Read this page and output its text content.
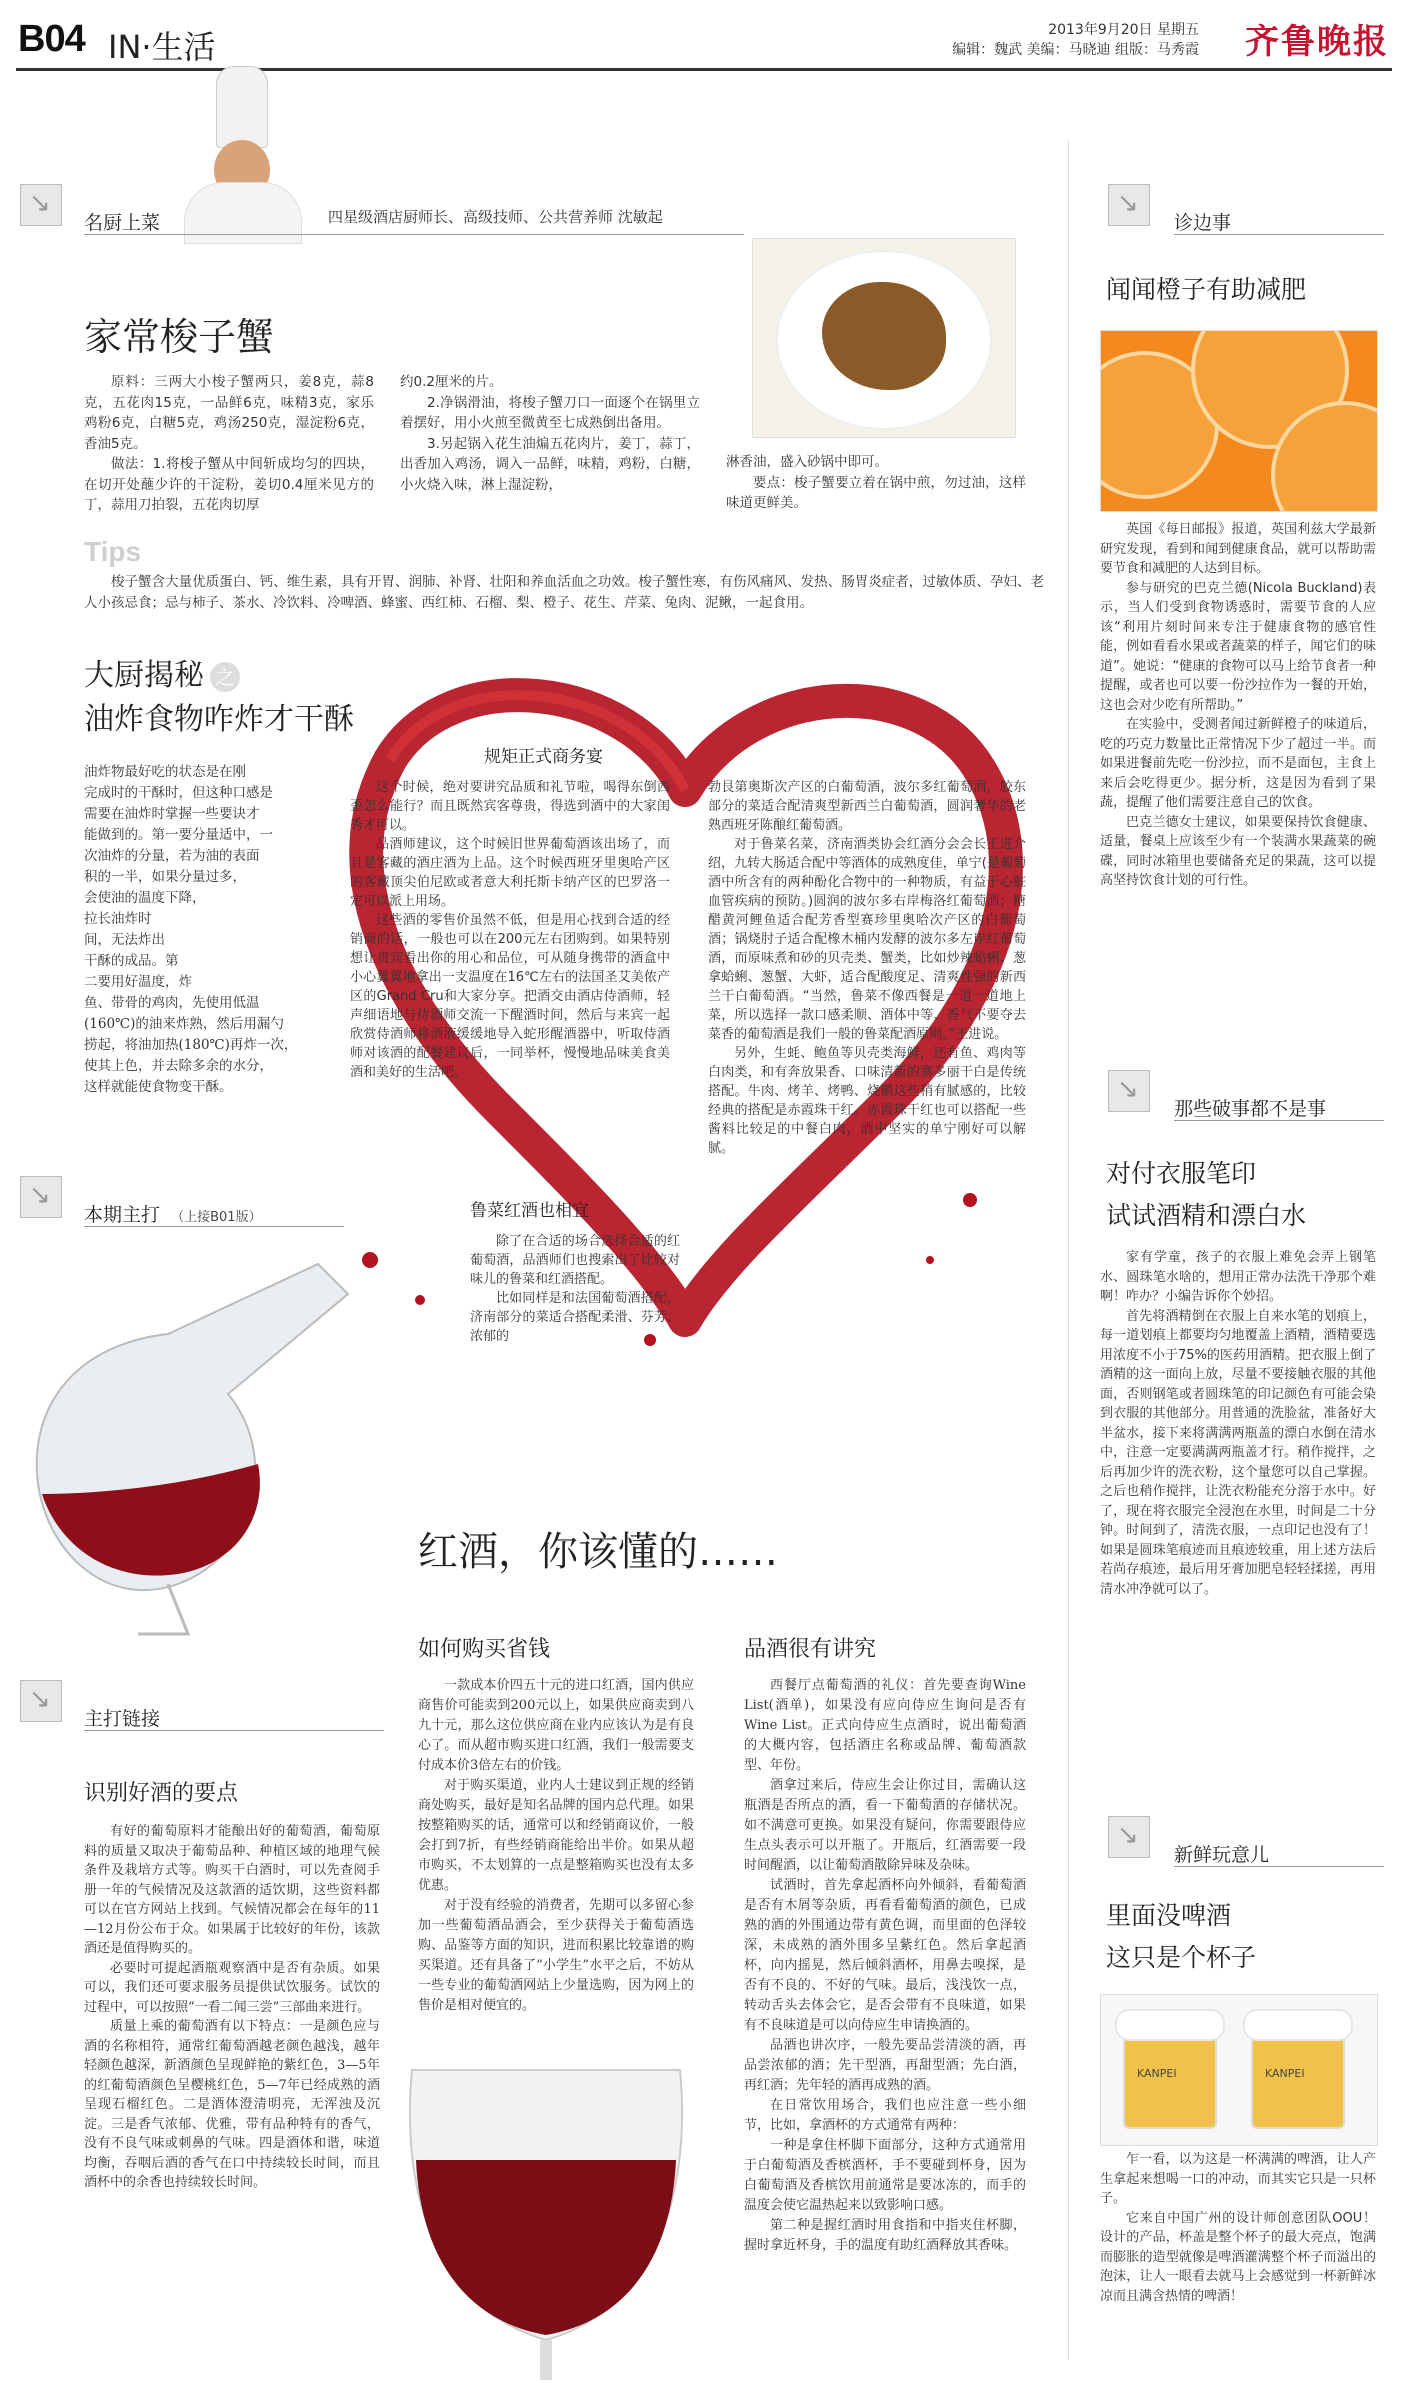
B04 IN·生活	2013年9月20日 星期五
编辑：魏武 美编：马晓迪 组版：马秀霞 齐鲁晚报
↘
名厨上菜	四星级酒店厨师长、高级技师、公共营养师 沈敏起
家常梭子蟹

原料：三两大小梭子蟹两只，姜8克，蒜8克，五花肉15克，一品鲜6克，味精3克，家乐鸡粉6克，白糖5克，鸡汤250克，湿淀粉6克，香油5克。

做法：1.将梭子蟹从中间斩成均匀的四块，在切开处蘸少许的干淀粉，姜切0.4厘米见方的丁，蒜用刀拍裂，五花肉切厚

约0.2厘米的片。

2.净锅滑油，将梭子蟹刀口一面逐个在锅里立着摆好，用小火煎至微黄至七成熟倒出备用。

3.另起锅入花生油煸五花肉片，姜丁，蒜丁，出香加入鸡汤，调入一品鲜，味精，鸡粉，白糖，小火烧入味，淋上湿淀粉，

淋香油，盛入砂锅中即可。

要点：梭子蟹要立着在锅中煎，勿过油，这样味道更鲜美。

Tips

梭子蟹含大量优质蛋白、钙、维生素，具有开胃、润肺、补肾、壮阳和养血活血之功效。梭子蟹性寒，有伤风痛风、发热、肠胃炎症者，过敏体质、孕妇、老人小孩忌食；忌与柿子、茶水、冷饮料、冷啤酒、蜂蜜、西红柿、石榴、梨、橙子、花生、芹菜、兔肉、泥鳅，一起食用。

大厨揭秘 之
油炸食物咋炸才干酥
油炸物最好吃的状态是在刚
完成时的干酥时，但这种口感是
需要在油炸时掌握一些要诀才
能做到的。第一要分量适中，一
次油炸的分量，若为油的表面
积的一半，如果分量过多，
会使油的温度下降，
拉长油炸时
间，无法炸出
干酥的成品。第
二要用好温度，炸
鱼、带骨的鸡肉，先使用低温
(160℃)的油来炸熟，然后用漏勺
捞起，将油加热(180℃)再炸一次，
使其上色，并去除多余的水分，
这样就能使食物变干酥。
规矩正式商务宴

这个时候，绝对要讲究品质和礼节啦，喝得东倒西歪怎么能行？而且既然宾客尊贵，得选到酒中的大家闺秀才可以。

品酒师建议，这个时候旧世界葡萄酒该出场了，而且是客藏的酒庄酒为上品。这个时候西班牙里奥哈产区的客藏顶尖伯尼欧或者意大利托斯卡纳产区的巴罗洛一定可以派上用场。

这些酒的零售价虽然不低，但是用心找到合适的经销商的话，一般也可以在200元左右团购到。如果特别想让贵宾看出你的用心和品位，可从随身携带的酒盒中小心翼翼地拿出一支温度在16℃左右的法国圣艾美侬产区的Grand Cru和大家分享。把酒交由酒店侍酒师，轻声细语地与侍酒师交流一下醒酒时间，然后与来宾一起欣赏侍酒师将酒液缓缓地导入蛇形醒酒器中，听取侍酒师对该酒的配餐建议后，一同举杯，慢慢地品味美食美酒和美好的生活吧。

鲁菜红酒也相宜

除了在合适的场合选择合适的红葡萄酒，品酒师们也搜索出了比较对味儿的鲁菜和红酒搭配。

比如同样是和法国葡萄酒搭配，济南部分的菜适合搭配柔滑、芬芳、浓郁的

勃艮第奥斯次产区的白葡萄酒，波尔多红葡萄酒，胶东部分的菜适合配清爽型新西兰白葡萄酒，圆润奢华的老熟西班牙陈酿红葡萄酒。

对于鲁菜名菜，济南酒类协会红酒分会会长王进介绍，九转大肠适合配中等酒体的成熟度佳，单宁(是葡萄酒中所含有的两种酚化合物中的一种物质，有益于心脏血管疾病的预防。)圆润的波尔多右岸梅洛红葡萄酒；糖醋黄河鲤鱼适合配芳香型赛珍里奥哈次产区的白葡萄酒；锅烧肘子适合配橡木桶内发酵的波尔多左岸红葡萄酒，而原味煮和砂的贝壳类、蟹类，比如炒辣蛤蜊、葱拿蛤蜊、葱蟹、大虾，适合配酸度足、清爽性强的新西兰干白葡萄酒。“当然，鲁菜不像西餐是一道一道地上菜，所以选择一款口感柔顺、酒体中等、香气不要夺去菜香的葡萄酒是我们一般的鲁菜配酒原则。”王进说。

另外，生蚝、鲍鱼等贝壳类海鲜，还有鱼、鸡肉等白肉类，和有奔放果香、口味清新的寨多丽干白是传统搭配。牛肉、烤羊、烤鸭、烧鹅这些稍有腻感的，比较经典的搭配是赤霞珠干红。赤霞珠干红也可以搭配一些酱料比较足的中餐白肉，酒中坚实的单宁刚好可以解腻。

↘
本期主打 （上接B01版）
红酒，你该懂的……
如何购买省钱

一款成本价四五十元的进口红酒，国内供应商售价可能卖到200元以上，如果供应商卖到八九十元，那么这位供应商在业内应该认为是有良心了。而从超市购买进口红酒，我们一般需要支付成本价3倍左右的价钱。

对于购买渠道，业内人士建议到正规的经销商处购买，最好是知名品牌的国内总代理。如果按整箱购买的话，通常可以和经销商议价，一般会打到7折，有些经销商能给出半价。如果从超市购买，不太划算的一点是整箱购买也没有太多优惠。

对于没有经验的消费者，先期可以多留心参加一些葡萄酒品酒会，至少获得关于葡萄酒选购、品鉴等方面的知识，进而积累比较靠谱的购买渠道。还有具备了“小学生”水平之后，不妨从一些专业的葡萄酒网站上少量选购，因为网上的售价是相对便宜的。

品酒很有讲究

西餐厅点葡萄酒的礼仪：首先要查询Wine List(酒单)，如果没有应向侍应生询问是否有Wine List。正式向侍应生点酒时，说出葡萄酒的大概内容，包括酒庄名称或品牌、葡萄酒款型、年份。

酒拿过来后，侍应生会让你过目，需确认这瓶酒是否所点的酒，看一下葡萄酒的存储状况。如不满意可更换。如果没有疑问，你需要跟侍应生点头表示可以开瓶了。开瓶后，红酒需要一段时间醒酒，以让葡萄酒散除异味及杂味。

试酒时，首先拿起酒杯向外倾斜，看葡萄酒是否有木屑等杂质，再看看葡萄酒的颜色，已成熟的酒的外围通边带有黄色调，而里面的色泽较深，未成熟的酒外围多呈紫红色。然后拿起酒杯，向内摇晃，然后倾斜酒杯，用鼻去嗅探，是否有不良的、不好的气味。最后，浅浅饮一点，转动舌头去体会它，是否会带有不良味道，如果有不良味道是可以向侍应生申请换酒的。

品酒也讲次序，一般先要品尝清淡的酒，再品尝浓郁的酒；先干型酒，再甜型酒；先白酒，再红酒；先年轻的酒再成熟的酒。

在日常饮用场合，我们也应注意一些小细节，比如，拿酒杯的方式通常有两种：

一种是拿住杯脚下面部分，这种方式通常用于白葡萄酒及香槟酒杯，手不要碰到杯身，因为白葡萄酒及香槟饮用前通常是要冰冻的，而手的温度会使它温热起来以致影响口感。

第二种是握红酒时用食指和中指夹住杯脚，握时拿近杯身，手的温度有助红酒释放其香味。

↘
主打链接
识别好酒的要点

有好的葡萄原料才能酿出好的葡萄酒，葡萄原料的质量又取决于葡萄品种、种植区域的地理气候条件及栽培方式等。购买干白酒时，可以先查阅手册一年的气候情况及这款酒的适饮期，这些资料都可以在官方网站上找到。气候情况都会在每年的11—12月份公布于众。如果属于比较好的年份，该款酒还是值得购买的。

必要时可提起酒瓶观察酒中是否有杂质。如果可以，我们还可要求服务员提供试饮服务。试饮的过程中，可以按照“一看二闻三尝”三部曲来进行。

质量上乘的葡萄酒有以下特点：一是颜色应与酒的名称相符，通常红葡萄酒越老颜色越浅，越年轻颜色越深，新酒颜色呈现鲜艳的紫红色，3—5年的红葡萄酒颜色呈樱桃红色，5—7年已经成熟的酒呈现石榴红色。二是酒体澄清明亮，无浑浊及沉淀。三是香气浓郁、优雅，带有品种特有的香气，没有不良气味或刺鼻的气味。四是酒体和谐，味道均衡，吞咽后酒的香气在口中持续较长时间，而且酒杯中的余香也持续较长时间。

↘
诊边事
闻闻橙子有助减肥

英国《每日邮报》报道，英国利兹大学最新研究发现，看到和闻到健康食品，就可以帮助需要节食和减肥的人达到目标。

参与研究的巴克兰德(Nicola Buckland)表示，当人们受到食物诱惑时，需要节食的人应该“利用片刻时间来专注于健康食物的感官性能，例如看看水果或者蔬菜的样子，闻它们的味道”。她说：“健康的食物可以马上给节食者一种提醒，或者也可以要一份沙拉作为一餐的开始，这也会对少吃有所帮助。”

在实验中，受测者闻过新鲜橙子的味道后，吃的巧克力数量比正常情况下少了超过一半。而如果进餐前先吃一份沙拉，而不是面包，主食上来后会吃得更少。据分析，这是因为看到了果蔬，提醒了他们需要注意自己的饮食。

巴克兰德女士建议，如果要保持饮食健康、适量，餐桌上应该至少有一个装满水果蔬菜的碗碟，同时冰箱里也要储备充足的果蔬，这可以提高坚持饮食计划的可行性。

↘
那些破事都不是事
对付衣服笔印
试试酒精和漂白水

家有学童，孩子的衣服上难免会弄上钢笔水、圆珠笔水啥的，想用正常办法洗干净那个难啊！咋办？小编告诉你个妙招。

首先将酒精倒在衣服上自来水笔的划痕上，每一道划痕上都要均匀地覆盖上酒精，酒精要选用浓度不小于75%的医药用酒精。把衣服上倒了酒精的这一面向上放，尽量不要接触衣服的其他面，否则钢笔或者圆珠笔的印记颜色有可能会染到衣服的其他部分。用普通的洗脸盆，准备好大半盆水，接下来将满满两瓶盖的漂白水倒在清水中，注意一定要满满两瓶盖才行。稍作搅拌，之后再加少许的洗衣粉，这个量您可以自己掌握。之后也稍作搅拌，让洗衣粉能充分溶于水中。好了，现在将衣服完全浸泡在水里，时间是二十分钟。时间到了，清洗衣服，一点印记也没有了！如果是圆珠笔痕迹而且痕迹较重，用上述方法后若尚存痕迹，最后用牙膏加肥皂轻轻揉搓，再用清水冲净就可以了。

↘
新鲜玩意儿
里面没啤酒
这只是个杯子
KANPEI	KANPEI

乍一看，以为这是一杯满满的啤酒，让人产生拿起来想喝一口的冲动，而其实它只是一只杯子。

它来自中国广州的设计师创意团队OOU！设计的产品，杯盖是整个杯子的最大亮点，饱满而膨胀的造型就像是啤酒灌满整个杯子而溢出的泡沫，让人一眼看去就马上会感觉到一杯新鲜冰凉而且满含热情的啤酒！
